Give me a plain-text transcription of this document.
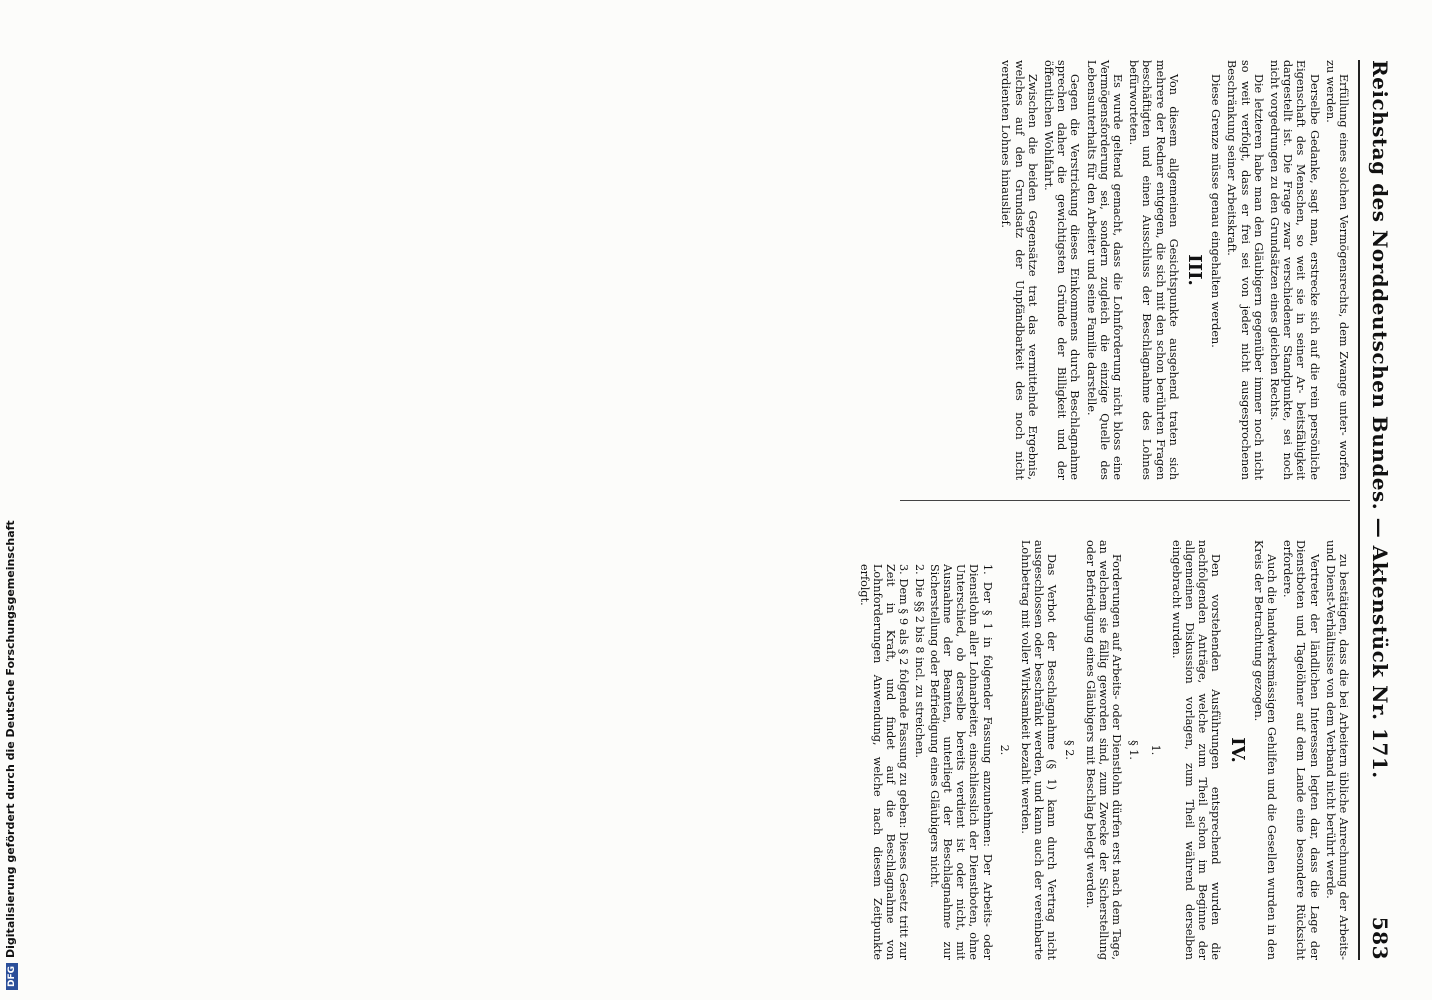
Reichstag des Norddeutschen Bundes. — Aktenstück Nr. 171.
583

Erfüllung eines solchen Vermögensrechts, dem Zwange unter- worfen zu werden.

Derselbe Gedanke, sagt man, erstrecke sich auf die rein persönliche Eigenschaft des Menschen, so weit sie in seiner Ar- beitsfähigkeit dargestellt ist. Die Frage zwar verschiedener Standpunkte, sei noch nicht vorgedrungen zu den Grundsätzen eines gleichen Rechts.

Die letzteren habe man den Gläubigern gegenüber immer noch nicht so weit verfolgt, dass er frei sei von jeder nicht ausgesprochenen Beschränkung seiner Arbeitskraft.

Diese Grenze müsse genau eingehalten werden.

III.

Von diesem allgemeinen Gesichtspunkte ausgehend traten sich mehrere der Redner entgegen, die sich mit den schon berührten Fragen beschäftigten und einen Ausschluss der Beschlagnahme des Lohnes befürworteten.

Es wurde geltend gemacht, dass die Lohnforderung nicht bloss eine Vermögensforderung sei, sondern zugleich die einzige Quelle des Lebensunterhalts für den Arbeiter und seine Familie darstelle.

Gegen die Verstrickung dieses Einkommens durch Beschlagnahme sprechen daher die gewichtigsten Gründe der Billigkeit und der öffentlichen Wohlfahrt.

Zwischen die beiden Gegensätze trat das vermittelnde Ergebnis, welches auf den Grundsatz der Unpfändbarkeit des noch nicht verdienten Lohnes hinauslief.

zu bestätigen, dass die bei Arbeitern übliche Anrechnung der Arbeits- und Dienst-Verhältnisse von dem Verband nicht berührt werde.

Vertreter der ländlichen Interessen legten dar, dass die Lage der Dienstboten und Tagelöhner auf dem Lande eine besondere Rücksicht erfordere.

Auch die handwerksmässigen Gehilfen und die Gesellen wurden in den Kreis der Betrachtung gezogen.

IV.

Den vorstehenden Ausführungen entsprechend wurden die nachfolgenden Anträge, welche zum Theil schon im Beginne der allgemeinen Diskussion vorlagen, zum Theil während derselben eingebracht wurden.

1.

§ 1.

Forderungen auf Arbeits- oder Dienstlohn dürfen erst nach dem Tage, an welchem sie fällig geworden sind, zum Zwecke der Sicherstellung oder Befriedigung eines Gläubigers mit Beschlag belegt werden.

§ 2.

Das Verbot der Beschlagnahme (§ 1) kann durch Vertrag nicht ausgeschlossen oder beschränkt werden, und kann auch der vereinbarte Lohnbetrag mit voller Wirksamkeit bezahlt werden.

2.

1. Der § 1 in folgender Fassung anzunehmen: Der Arbeits- oder Dienstlohn aller Lohnarbeiter, einschliesslich der Dienstboten, ohne Unterschied, ob derselbe bereits verdient ist oder nicht, mit Ausnahme der Beamten, unterliegt der Beschlagnahme zur Sicherstellung oder Befriedigung eines Gläubigers nicht.

2. Die §§ 2 bis 8 incl. zu streichen.

3. Dem § 9 als § 2 folgende Fassung zu geben: Dieses Gesetz tritt zur Zeit in Kraft, und findet auf die Beschlagnahme von Lohnforderungen Anwendung, welche nach diesem Zeitpunkte erfolgt.

DFGDigitalisierung gefördert durch die Deutsche Forschungsgemeinschaft
